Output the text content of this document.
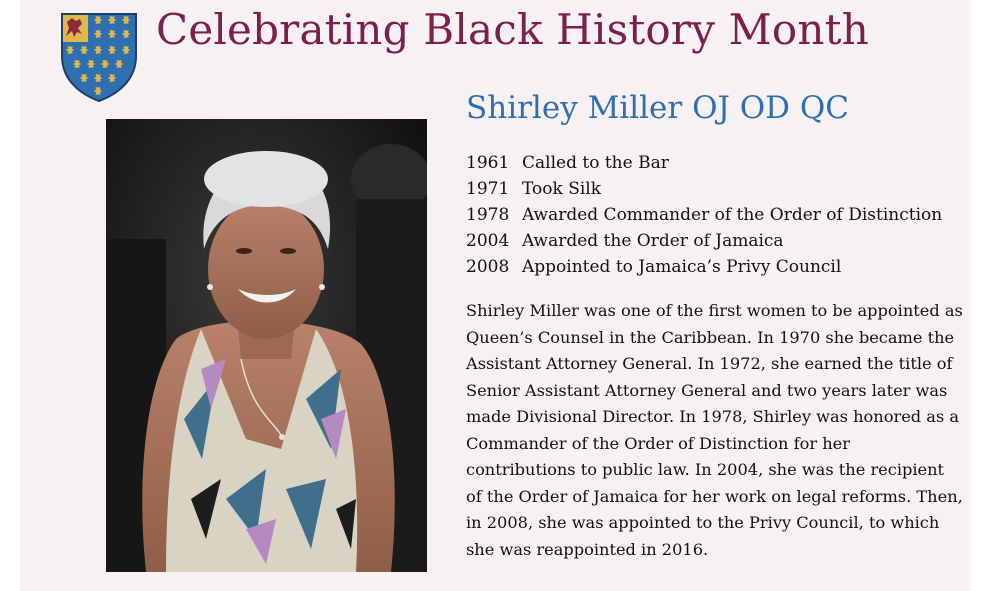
Celebrating Black History Month
Shirley Miller OJ OD QC
1961 Called to the Bar
1971 Took Silk
1978 Awarded Commander of the Order of Distinction
2004 Awarded the Order of Jamaica
2008 Appointed to Jamaica’s Privy Council

Shirley Miller was one of the first women to be appointed as Queen’s Counsel in the Caribbean. In 1970 she became the Assistant Attorney General. In 1972, she earned the title of Senior Assistant Attorney General and two years later was made Divisional Director. In 1978, Shirley was honored as a Commander of the Order of Distinction for her contributions to public law. In 2004, she was the recipient of the Order of Jamaica for her work on legal reforms. Then, in 2008, she was appointed to the Privy Council, to which she was reappointed in 2016.
